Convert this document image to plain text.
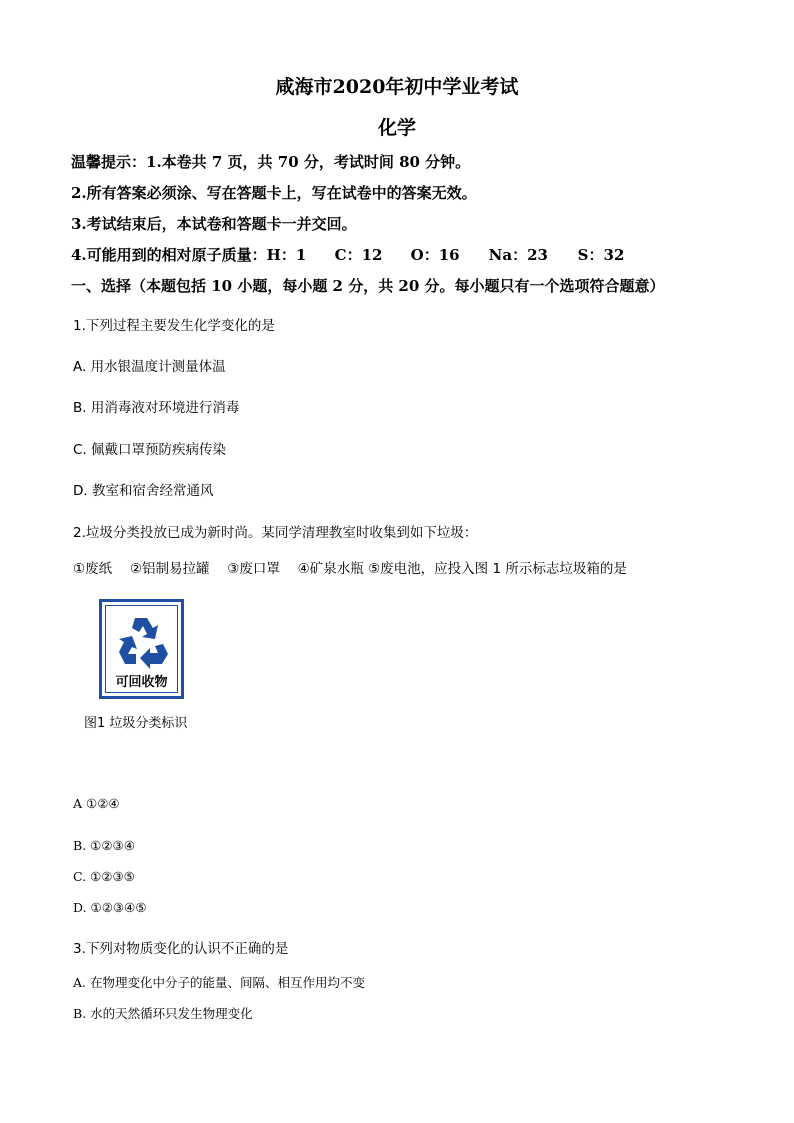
咸海市2020年初中学业考试
化学
温馨提示：1.本卷共 7 页，共 70 分，考试时间 80 分钟。
2.所有答案必须涂、写在答题卡上，写在试卷中的答案无效。
3.考试结束后，本试卷和答题卡一并交回。
4.可能用到的相对原子质量：H：1 C：12 O：16 Na：23 S：32
一、选择（本题包括 10 小题，每小题 2 分，共 20 分。每小题只有一个选项符合题意）
1.下列过程主要发生化学变化的是
A. 用水银温度计测量体温
B. 用消毒液对环境进行消毒
C. 佩戴口罩预防疾病传染
D. 教室和宿舍经常通风
2.垃圾分类投放已成为新时尚。某同学清理教室时收集到如下垃圾：
①废纸　 ②铝制易拉罐　 ③废口罩　 ④矿泉水瓶 ⑤废电池，应投入图 1 所示标志垃圾箱的是
可回收物
图1 垃圾分类标识
A ①②④
B. ①②③④
C. ①②③⑤
D. ①②③④⑤
3.下列对物质变化的认识不正确的是
A. 在物理变化中分子的能量、间隔、相互作用均不变
B. 水的天然循环只发生物理变化
